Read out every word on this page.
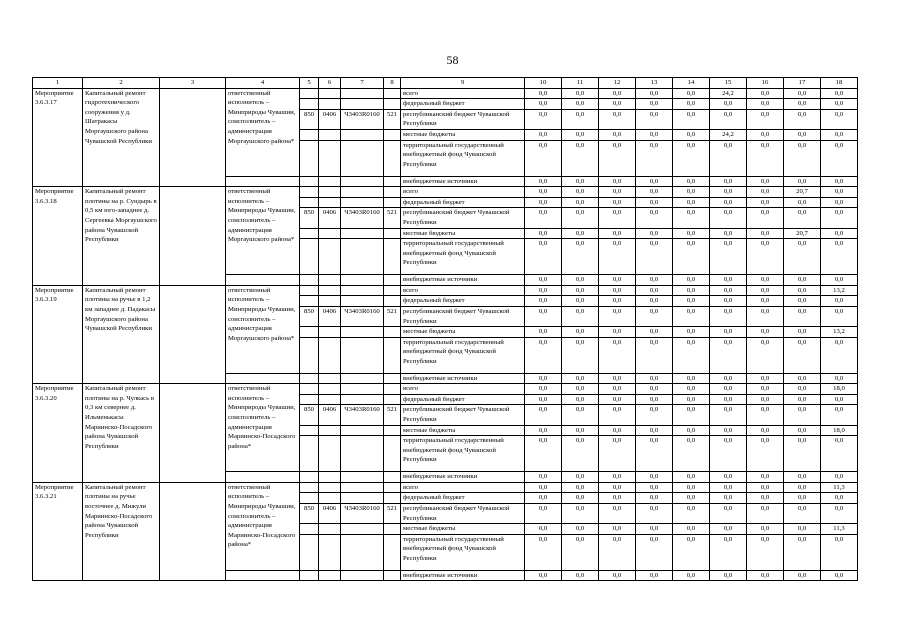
58
1	2	3	4	5	6	7	8	9	10	11	12	13	14	15	16	17	18
Мероприятие 3.6.3.17	Капитальный ремонт гидротехнического сооружения у д. Шатракасы Моргаушского района Чувашской Республики		ответственный исполнитель – Минприроды Чувашии, соисполнитель – администрация Моргаушского района*					всего	0,0	0,0	0,0	0,0	0,0	24,2	0,0	0,0	0,0
								федеральный бюджет	0,0	0,0	0,0	0,0	0,0	0,0	0,0	0,0	0,0
				850	0406	Ч3403R0160	521	республиканский бюджет Чувашской Республики	0,0	0,0	0,0	0,0	0,0	0,0	0,0	0,0	0,0
								местные бюджеты	0,0	0,0	0,0	0,0	0,0	24,2	0,0	0,0	0,0
								территориальный государственный внебюджетный фонд Чувашской Республики	0,0	0,0	0,0	0,0	0,0	0,0	0,0	0,0	0,0
								внебюджетные источники	0,0	0,0	0,0	0,0	0,0	0,0	0,0	0,0	0,0
Мероприятие 3.6.3.18	Капитальный ремонт плотины на р. Сундырь в 0,5 км юго-западнее д. Сергеевка Моргаушского района Чувашской Республики		ответственный исполнитель – Минприроды Чувашии, соисполнитель – администрация Моргаушского района*					всего	0,0	0,0	0,0	0,0	0,0	0,0	0,0	20,7	0,0
								федеральный бюджет	0,0	0,0	0,0	0,0	0,0	0,0	0,0	0,0	0,0
				850	0406	Ч3403R0160	521	республиканский бюджет Чувашской Республики	0,0	0,0	0,0	0,0	0,0	0,0	0,0	0,0	0,0
								местные бюджеты	0,0	0,0	0,0	0,0	0,0	0,0	0,0	20,7	0,0
								территориальный государственный внебюджетный фонд Чувашской Республики	0,0	0,0	0,0	0,0	0,0	0,0	0,0	0,0	0,0
								внебюджетные источники	0,0	0,0	0,0	0,0	0,0	0,0	0,0	0,0	0,0
Мероприятие 3.6.3.19	Капитальный ремонт плотины на ручье в 1,2 км западнее д. Падакасы Моргаушского района Чувашской Республики		ответственный исполнитель – Минприроды Чувашии, соисполнитель – администрация Моргаушского района*					всего	0,0	0,0	0,0	0,0	0,0	0,0	0,0	0,0	13,2
								федеральный бюджет	0,0	0,0	0,0	0,0	0,0	0,0	0,0	0,0	0,0
				850	0406	Ч3403R0160	521	республиканский бюджет Чувашской Республики	0,0	0,0	0,0	0,0	0,0	0,0	0,0	0,0	0,0
								местные бюджеты	0,0	0,0	0,0	0,0	0,0	0,0	0,0	0,0	13,2
								территориальный государственный внебюджетный фонд Чувашской Республики	0,0	0,0	0,0	0,0	0,0	0,0	0,0	0,0	0,0
								внебюджетные источники	0,0	0,0	0,0	0,0	0,0	0,0	0,0	0,0	0,0
Мероприятие 3.6.3.20	Капитальный ремонт плотины на р. Чулкась в 0,3 км севернее д. Ильменькасы Мариинско-Посадского района Чувашской Республики		ответственный исполнитель – Минприроды Чувашии, соисполнитель – администрация Мариинско-Посадского района*					всего	0,0	0,0	0,0	0,0	0,0	0,0	0,0	0,0	18,0
								федеральный бюджет	0,0	0,0	0,0	0,0	0,0	0,0	0,0	0,0	0,0
				850	0406	Ч3403R0160	521	республиканский бюджет Чувашской Республики	0,0	0,0	0,0	0,0	0,0	0,0	0,0	0,0	0,0
								местные бюджеты	0,0	0,0	0,0	0,0	0,0	0,0	0,0	0,0	18,0
								территориальный государственный внебюджетный фонд Чувашской Республики	0,0	0,0	0,0	0,0	0,0	0,0	0,0	0,0	0,0
								внебюджетные источники	0,0	0,0	0,0	0,0	0,0	0,0	0,0	0,0	0,0
Мероприятие 3.6.3.21	Капитальный ремонт плотины на ручье восточнее д. Мижули Мариинско-Посадского района Чувашской Республики		ответственный исполнитель – Минприроды Чувашии, соисполнитель – администрация Мариинско-Посадского района*					всего	0,0	0,0	0,0	0,0	0,0	0,0	0,0	0,0	11,3
								федеральный бюджет	0,0	0,0	0,0	0,0	0,0	0,0	0,0	0,0	0,0
				850	0406	Ч3403R0160	521	республиканский бюджет Чувашской Республики	0,0	0,0	0,0	0,0	0,0	0,0	0,0	0,0	0,0
								местные бюджеты	0,0	0,0	0,0	0,0	0,0	0,0	0,0	0,0	11,3
								территориальный государственный внебюджетный фонд Чувашской Республики	0,0	0,0	0,0	0,0	0,0	0,0	0,0	0,0	0,0
								внебюджетные источники	0,0	0,0	0,0	0,0	0,0	0,0	0,0	0,0	0,0
